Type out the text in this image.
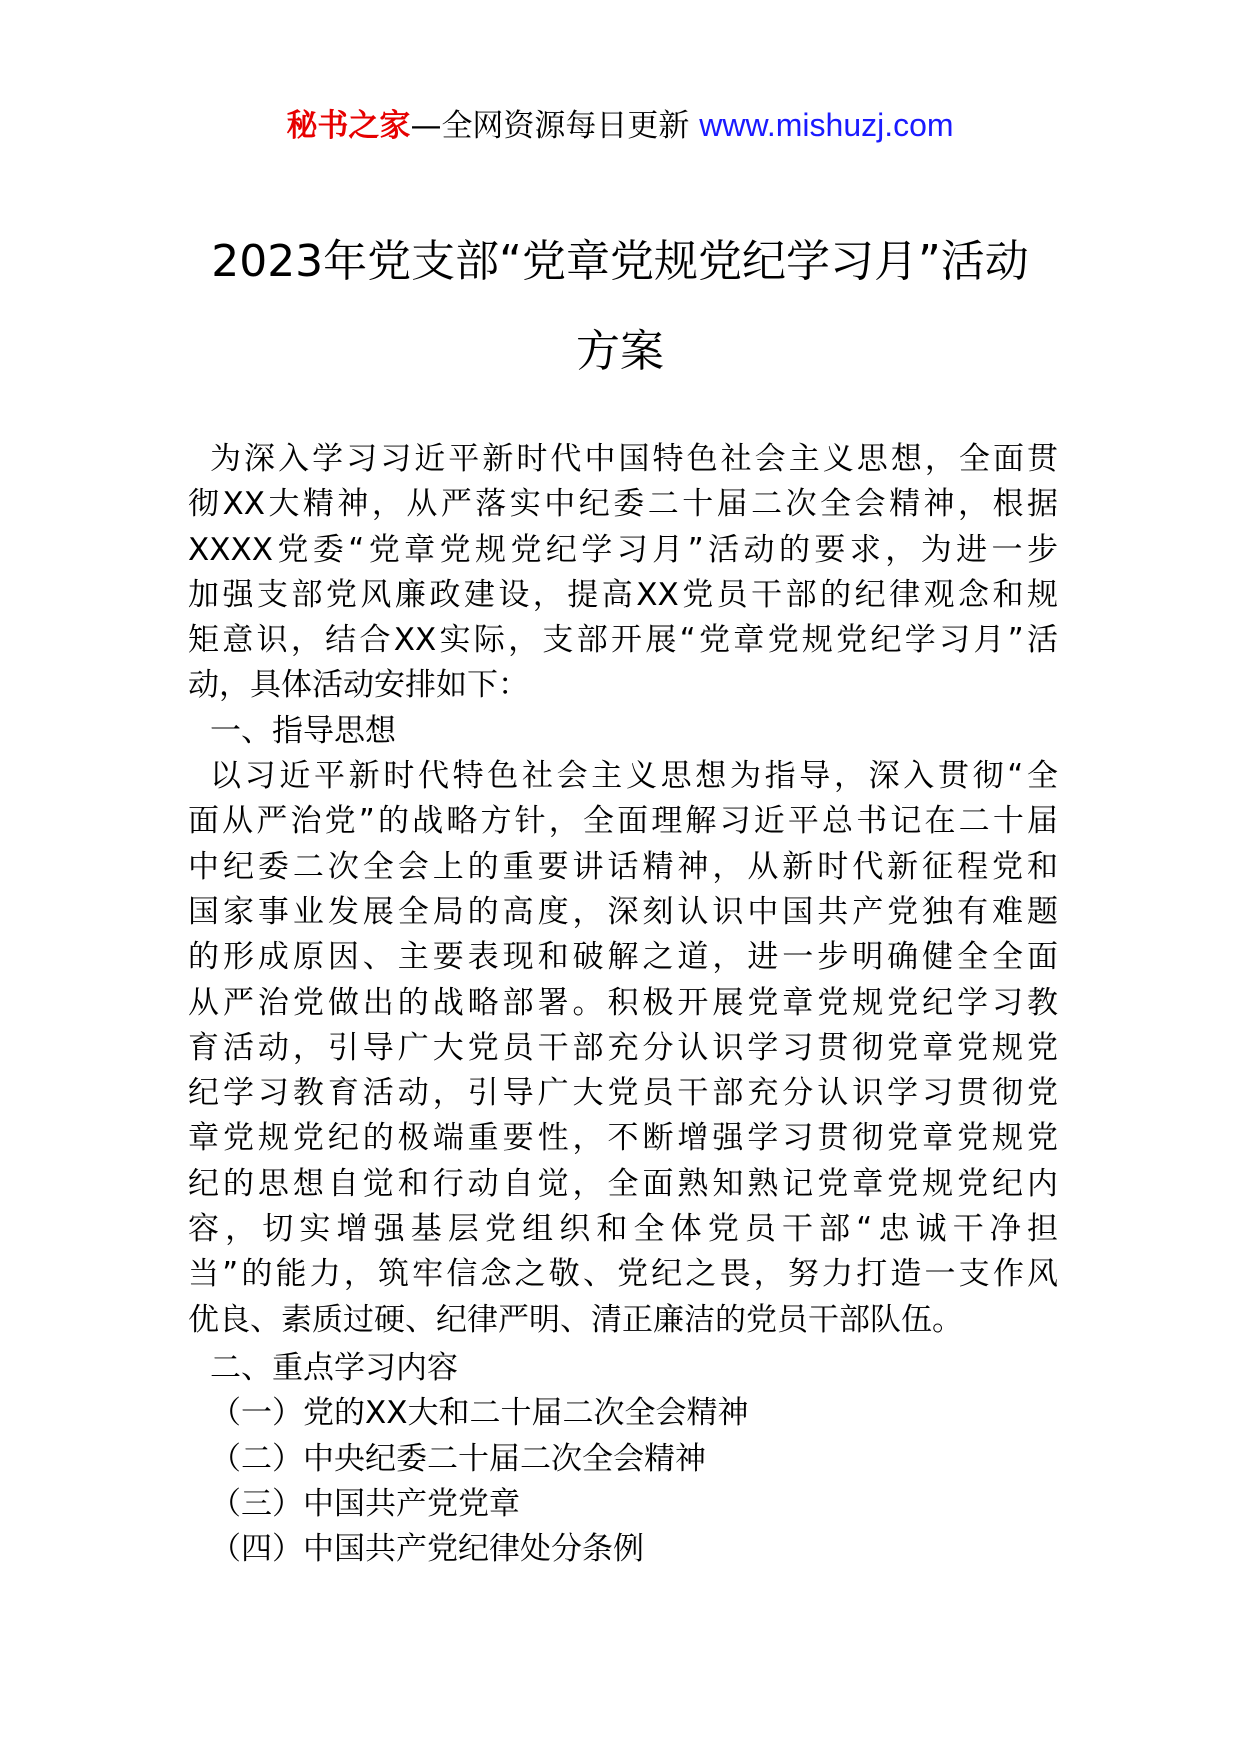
秘书之家—全网资源每日更新 www.mishuzj.com
2023年党支部“党章党规党纪学习月”活动
方案
为深入学习习近平新时代中国特色社会主义思想，全面贯
彻XX大精神，从严落实中纪委二十届二次全会精神，根据
XXXX党委“党章党规党纪学习月”活动的要求，为进一步
加强支部党风廉政建设，提高XX党员干部的纪律观念和规
矩意识，结合XX实际，支部开展“党章党规党纪学习月”活
动，具体活动安排如下：
一、指导思想
以习近平新时代特色社会主义思想为指导，深入贯彻“全
面从严治党”的战略方针，全面理解习近平总书记在二十届
中纪委二次全会上的重要讲话精神，从新时代新征程党和
国家事业发展全局的高度，深刻认识中国共产党独有难题
的形成原因、主要表现和破解之道，进一步明确健全全面
从严治党做出的战略部署。积极开展党章党规党纪学习教
育活动，引导广大党员干部充分认识学习贯彻党章党规党
纪学习教育活动，引导广大党员干部充分认识学习贯彻党
章党规党纪的极端重要性，不断增强学习贯彻党章党规党
纪的思想自觉和行动自觉，全面熟知熟记党章党规党纪内
容，切实增强基层党组织和全体党员干部“忠诚干净担
当”的能力，筑牢信念之敬、党纪之畏，努力打造一支作风
优良、素质过硬、纪律严明、清正廉洁的党员干部队伍。
二、重点学习内容
（一）党的XX大和二十届二次全会精神
（二）中央纪委二十届二次全会精神
（三）中国共产党党章
（四）中国共产党纪律处分条例
